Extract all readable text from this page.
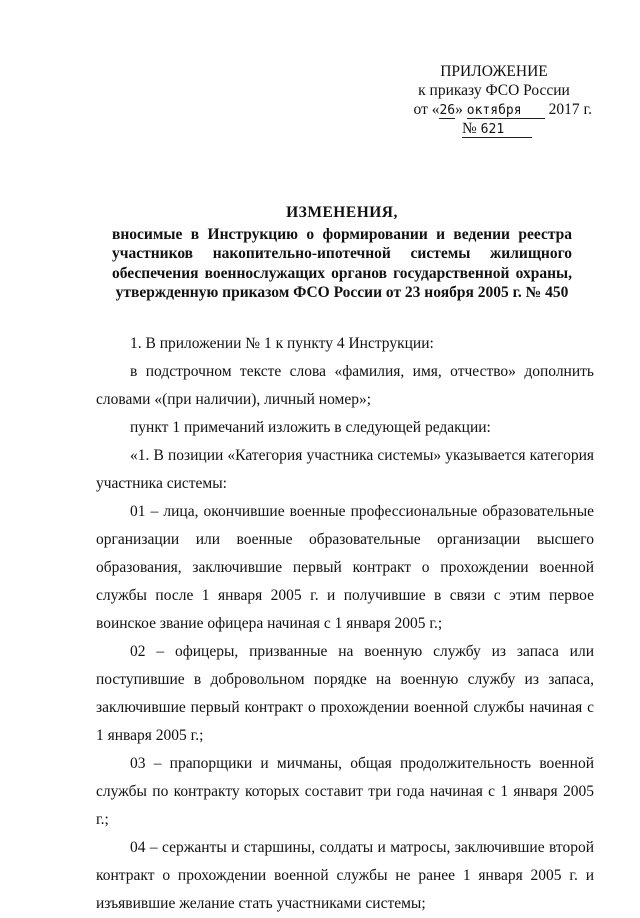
ПРИЛОЖЕНИЕ
к приказу ФСО России
от «26» октября 2017 г.
№ 621
ИЗМЕНЕНИЯ,
вносимые в Инструкцию о формировании и ведении реестра
участников накопительно-ипотечной системы жилищного
обеспечения военнослужащих органов государственной охраны,
утвержденную приказом ФСО России от 23 ноября 2005 г. № 450

1. В приложении № 1 к пункту 4 Инструкции:

в подстрочном тексте слова «фамилия, имя, отчество» дополнить словами «(при наличии), личный номер»;

пункт 1 примечаний изложить в следующей редакции:

«1. В позиции «Категория участника системы» указывается категория участника системы:

01 – лица, окончившие военные профессиональные образовательные организации или военные образовательные организации высшего образования, заключившие первый контракт о прохождении военной службы после 1 января 2005 г. и получившие в связи с этим первое воинское звание офицера начиная с 1 января 2005 г.;

02 – офицеры, призванные на военную службу из запаса или поступившие в добровольном порядке на военную службу из запаса, заключившие первый контракт о прохождении военной службы начиная с 1 января 2005 г.;

03 – прапорщики и мичманы, общая продолжительность военной службы по контракту которых составит три года начиная с 1 января 2005 г.;

04 – сержанты и старшины, солдаты и матросы, заключившие второй контракт о прохождении военной службы не ранее 1 января 2005 г. и изъявившие желание стать участниками системы;
